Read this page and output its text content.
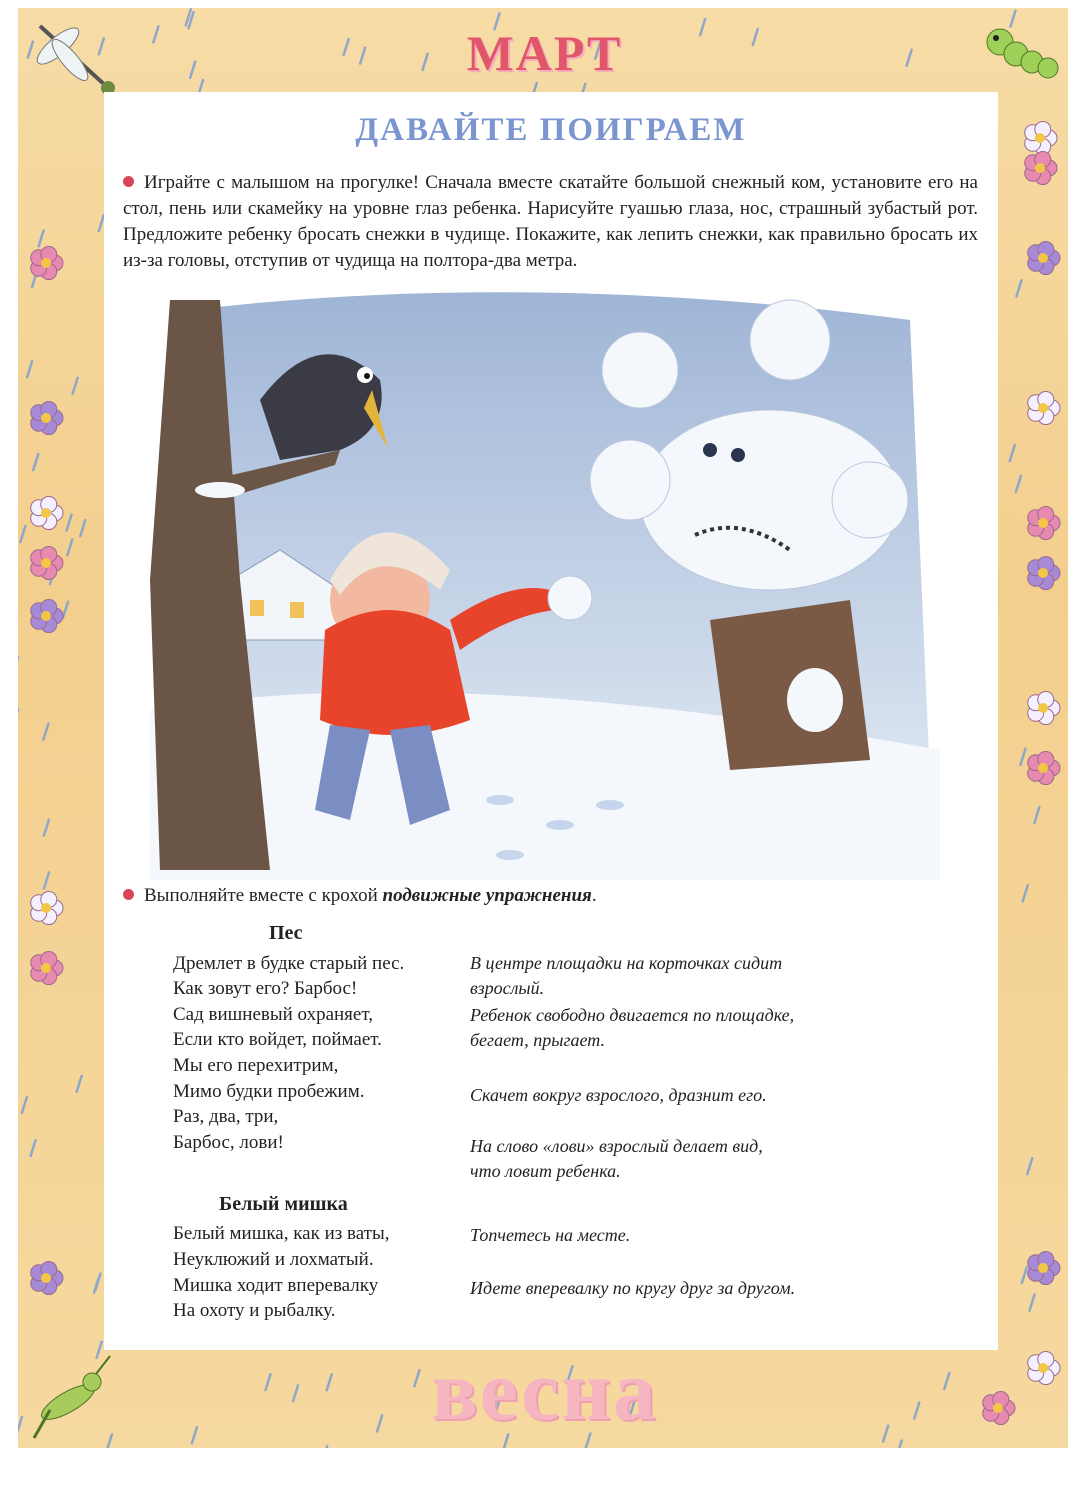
МАРТ
ДАВАЙТЕ ПОИГРАЕМ
Играйте с малышом на прогулке! Сначала вместе скатайте большой снежный ком, установите его на стол, пень или скамейку на уровне глаз ребенка. Нарисуйте гуашью глаза, нос, страшный зубастый рот. Предложите ребенку бросать снежки в чудище. Покажите, как лепить снежки, как правильно бросать их из-за головы, отступив от чудища на полтора-два метра.
Выполняйте вместе с крохой подвижные упражнения.
Пес
Дремлет в будке старый пес.
Как зовут его? Барбос!
Сад вишневый охраняет,
Если кто войдет, поймает.
Мы его перехитрим,
Мимо будки пробежим.
Раз, два, три,
Барбос, лови!
В центре площадки на корточках сидит
взрослый.
Ребенок свободно двигается по площадке,
бегает, прыгает.
Скачет вокруг взрослого, дразнит его.
На слово «лови» взрослый делает вид,
что ловит ребенка.
Белый мишка
Белый мишка, как из ваты,
Неуклюжий и лохматый.
Мишка ходит вперевалку
На охоту и рыбалку.
Топчетесь на месте.
Идете вперевалку по кругу друг за другом.
весна
